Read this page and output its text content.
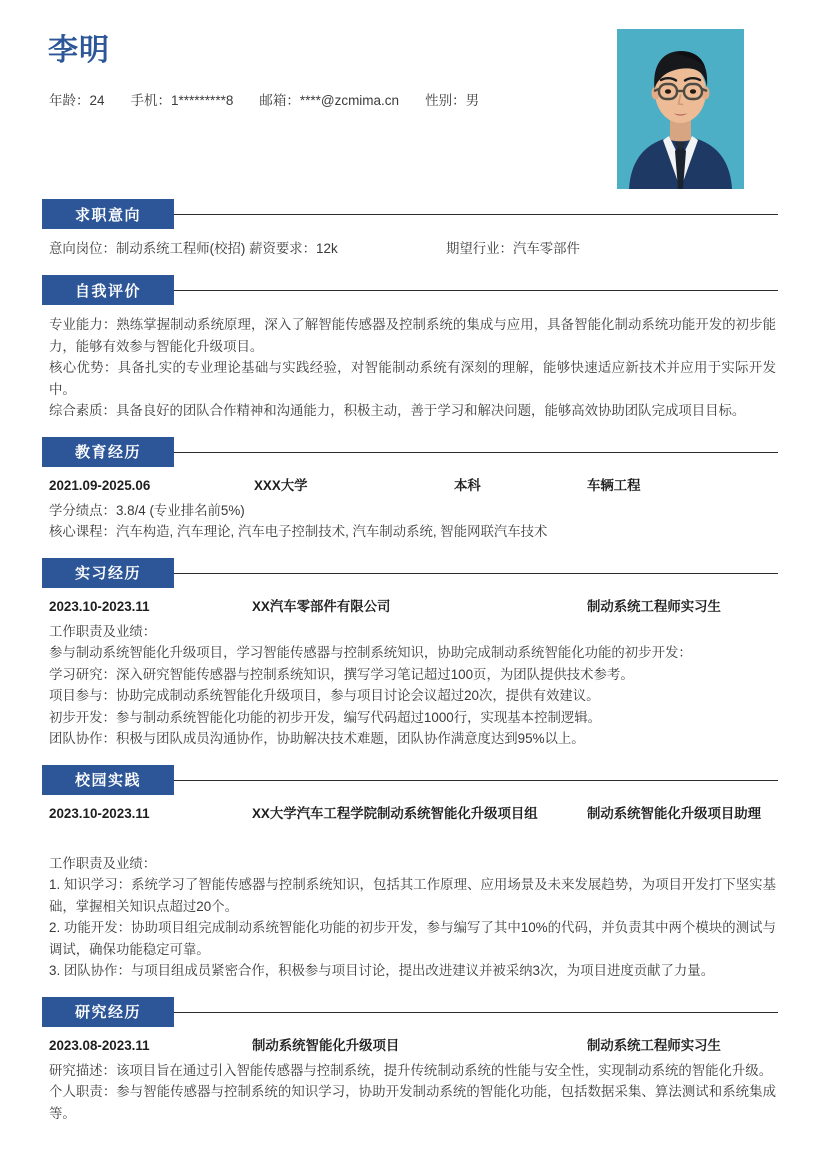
李明
年龄：24 手机：1*********8 邮箱：****@zcmima.cn 性别：男
求职意向
意向岗位：制动系统工程师(校招) 薪资要求：12k	期望行业：汽车零部件
自我评价

专业能力：熟练掌握制动系统原理，深入了解智能传感器及控制系统的集成与应用，具备智能化制动系统功能开发的初步能力，能够有效参与智能化升级项目。

核心优势：具备扎实的专业理论基础与实践经验，对智能制动系统有深刻的理解，能够快速适应新技术并应用于实际开发中。

综合素质：具备良好的团队合作精神和沟通能力，积极主动，善于学习和解决问题，能够高效协助团队完成项目目标。

教育经历
2021.09-2025.06	XXX大学	本科	车辆工程

学分绩点：3.8/4 (专业排名前5%)

核心课程：汽车构造, 汽车理论, 汽车电子控制技术, 汽车制动系统, 智能网联汽车技术

实习经历
2023.10-2023.11	XX汽车零部件有限公司	制动系统工程师实习生

工作职责及业绩：

参与制动系统智能化升级项目，学习智能传感器与控制系统知识，协助完成制动系统智能化功能的初步开发：

学习研究：深入研究智能传感器与控制系统知识，撰写学习笔记超过100页，为团队提供技术参考。

项目参与：协助完成制动系统智能化升级项目，参与项目讨论会议超过20次，提供有效建议。

初步开发：参与制动系统智能化功能的初步开发，编写代码超过1000行，实现基本控制逻辑。

团队协作：积极与团队成员沟通协作，协助解决技术难题，团队协作满意度达到95%以上。

校园实践
2023.10-2023.11	XX大学汽车工程学院制动系统智能化升级项目组	制动系统智能化升级项目助理

工作职责及业绩：

1. 知识学习：系统学习了智能传感器与控制系统知识，包括其工作原理、应用场景及未来发展趋势，为项目开发打下坚实基础，掌握相关知识点超过20个。

2. 功能开发：协助项目组完成制动系统智能化功能的初步开发，参与编写了其中10%的代码，并负责其中两个模块的测试与调试，确保功能稳定可靠。

3. 团队协作：与项目组成员紧密合作，积极参与项目讨论，提出改进建议并被采纳3次，为项目进度贡献了力量。

研究经历
2023.08-2023.11	制动系统智能化升级项目	制动系统工程师实习生

研究描述：该项目旨在通过引入智能传感器与控制系统，提升传统制动系统的性能与安全性，实现制动系统的智能化升级。

个人职责：参与智能传感器与控制系统的知识学习，协助开发制动系统的智能化功能，包括数据采集、算法测试和系统集成等。
